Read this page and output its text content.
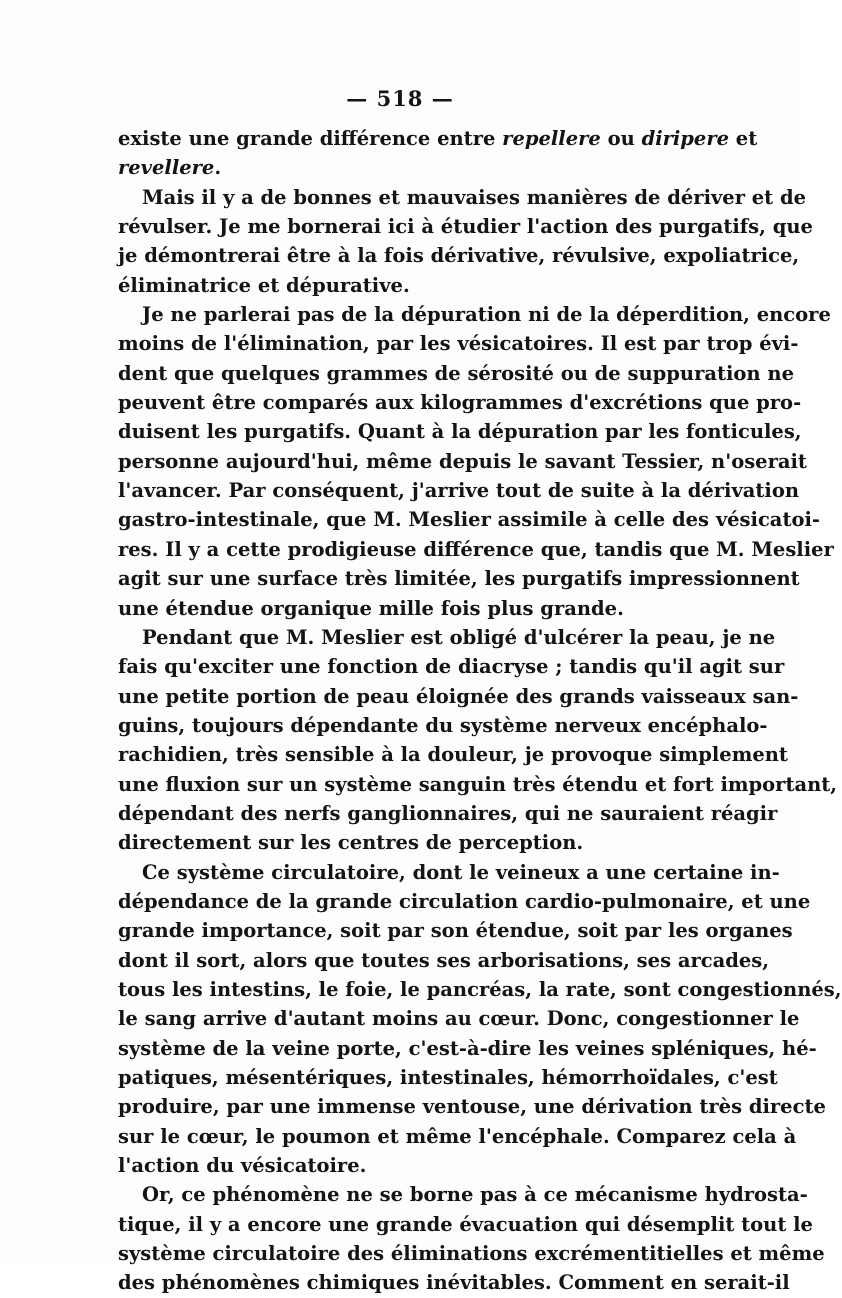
— 518 —
existe une grande différence entre repellere ou diripere et
revellere.
Mais il y a de bonnes et mauvaises manières de dériver et de
révulser. Je me bornerai ici à étudier l'action des purgatifs, que
je démontrerai être à la fois dérivative, révulsive, expoliatrice,
éliminatrice et dépurative.
Je ne parlerai pas de la dépuration ni de la déperdition, encore
moins de l'élimination, par les vésicatoires. Il est par trop évi-
dent que quelques grammes de sérosité ou de suppuration ne
peuvent être comparés aux kilogrammes d'excrétions que pro-
duisent les purgatifs. Quant à la dépuration par les fonticules,
personne aujourd'hui, même depuis le savant Tessier, n'oserait
l'avancer. Par conséquent, j'arrive tout de suite à la dérivation
gastro-intestinale, que M. Meslier assimile à celle des vésicatoi-
res. Il y a cette prodigieuse différence que, tandis que M. Meslier
agit sur une surface très limitée, les purgatifs impressionnent
une étendue organique mille fois plus grande.
Pendant que M. Meslier est obligé d'ulcérer la peau, je ne
fais qu'exciter une fonction de diacryse ; tandis qu'il agit sur
une petite portion de peau éloignée des grands vaisseaux san-
guins, toujours dépendante du système nerveux encéphalo-
rachidien, très sensible à la douleur, je provoque simplement
une fluxion sur un système sanguin très étendu et fort important,
dépendant des nerfs ganglionnaires, qui ne sauraient réagir
directement sur les centres de perception.
Ce système circulatoire, dont le veineux a une certaine in-
dépendance de la grande circulation cardio-pulmonaire, et une
grande importance, soit par son étendue, soit par les organes
dont il sort, alors que toutes ses arborisations, ses arcades,
tous les intestins, le foie, le pancréas, la rate, sont congestionnés,
le sang arrive d'autant moins au cœur. Donc, congestionner le
système de la veine porte, c'est-à-dire les veines spléniques, hé-
patiques, mésentériques, intestinales, hémorrhoïdales, c'est
produire, par une immense ventouse, une dérivation très directe
sur le cœur, le poumon et même l'encéphale. Comparez cela à
l'action du vésicatoire.
Or, ce phénomène ne se borne pas à ce mécanisme hydrosta-
tique, il y a encore une grande évacuation qui désemplit tout le
système circulatoire des éliminations excrémentitielles et même
des phénomènes chimiques inévitables. Comment en serait-il
